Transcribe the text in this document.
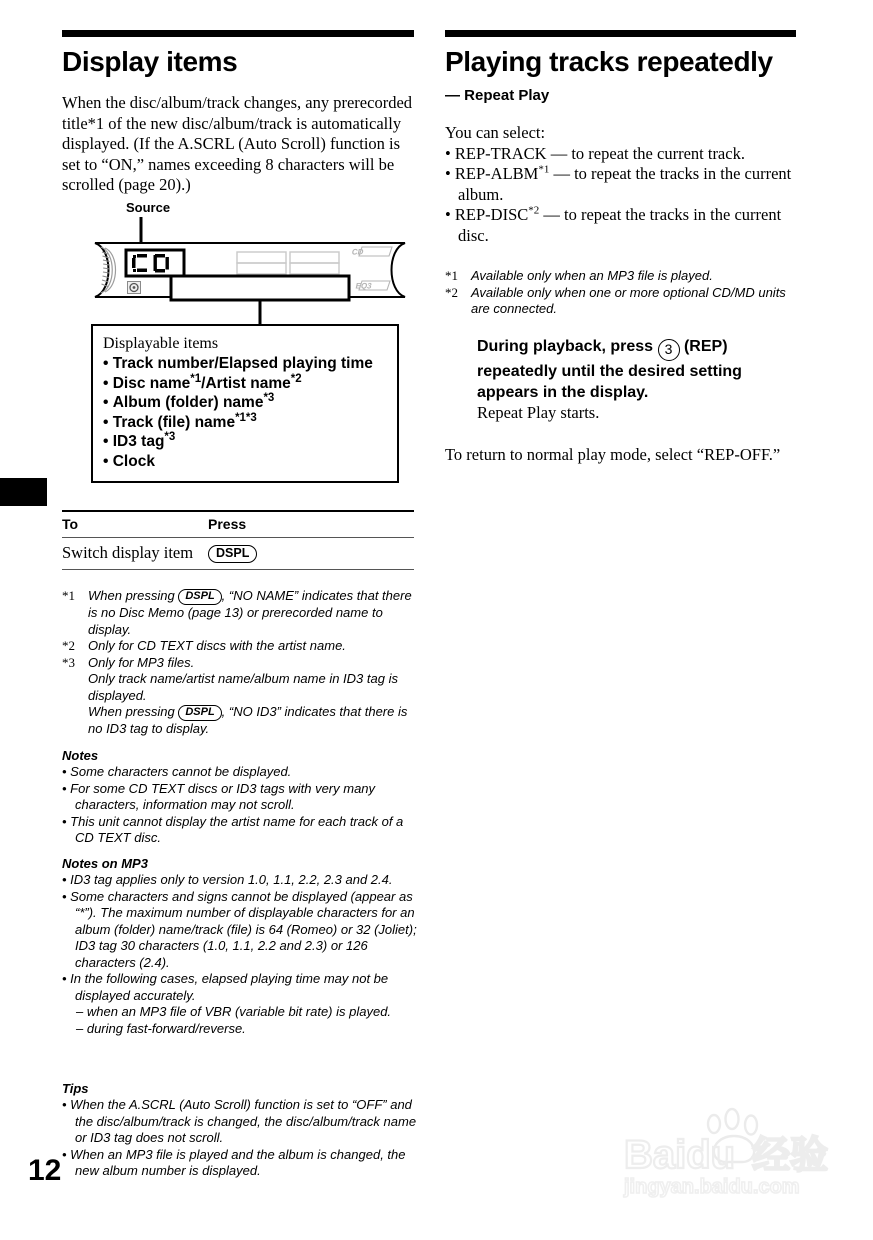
Display items

When the disc/album/track changes, any prerecorded title*1 of the new disc/album/track is automatically displayed. (If the A.SCRL (Auto Scroll) function is set to “ON,” names exceeding 8 characters will be scrolled (page 20).)

Source
CD
EQ3

Displayable items

• Track number/Elapsed playing time
• Disc name$^{*1}$/Artist name$^{*2}$
• Album (folder) name$^{*3}$
• Track (file) name$^{*1*3}$
• ID3 tag$^{*3}$
• Clock
To	Press
Switch display item	DSPL
*1 When pressing DSPL , “NO NAME” indicates that there is no Disc Memo (page 13) or prerecorded name to display.
*2 Only for CD TEXT discs with the artist name.
*3 Only for MP3 files.

Only track name/artist name/album name in ID3 tag is displayed.

When pressing DSPL , “NO ID3” indicates that there is no ID3 tag to display.

Notes

• Some characters cannot be displayed.
• For some CD TEXT discs or ID3 tags with very many characters, information may not scroll.
• This unit cannot display the artist name for each track of a CD TEXT disc.

Notes on MP3

• ID3 tag applies only to version 1.0, 1.1, 2.2, 2.3 and 2.4.
• Some characters and signs cannot be displayed (appear as “*”). The maximum number of displayable characters for an album (folder) name/track (file) is 64 (Romeo) or 32 (Joliet); ID3 tag 30 characters (1.0, 1.1, 2.2 and 2.3) or 126 characters (2.4).
• In the following cases, elapsed playing time may not be displayed accurately.
– when an MP3 file of VBR (variable bit rate) is played.
– during fast-forward/reverse.

Tips

• When the A.SCRL (Auto Scroll) function is set to “OFF” and the disc/album/track is changed, the disc/album/track name or ID3 tag does not scroll.
• When an MP3 file is played and the album is changed, the new album number is displayed.
12
Playing tracks repeatedly
— Repeat Play

You can select:

• REP-TRACK — to repeat the current track.
• REP-ALBM$^{*1}$ — to repeat the tracks in the current album.
• REP-DISC$^{*2}$ — to repeat the tracks in the current disc.
*1 Available only when an MP3 file is played.
*2 Available only when one or more optional CD/MD units are connected.

During playback, press 3 (REP) repeatedly until the desired setting appears in the display.

Repeat Play starts.

To return to normal play mode, select “REP-OFF.”

Baidu 经验
jingyan.baidu.com
